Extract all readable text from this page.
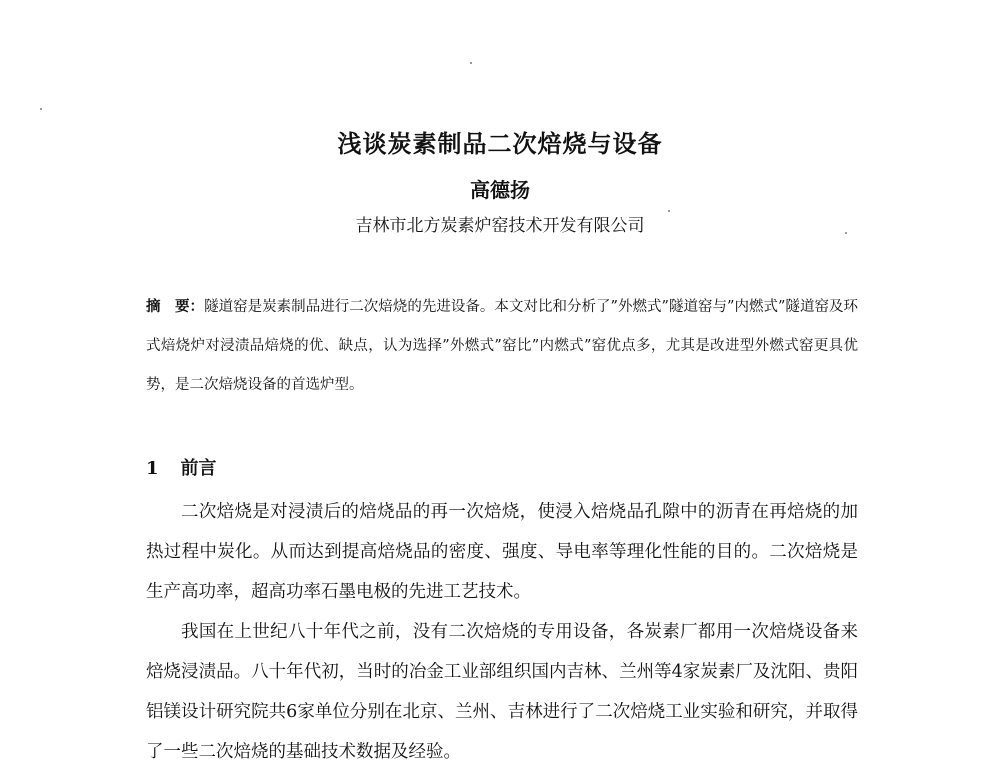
浅谈炭素制品二次焙烧与设备
高德扬
吉林市北方炭素炉窑技术开发有限公司
摘　要：隧道窑是炭素制品进行二次焙烧的先进设备。本文对比和分析了”外燃式”隧道窑与”内燃式”隧道窑及环式焙烧炉对浸渍品焙烧的优、缺点，认为选择”外燃式”窑比”内燃式”窑优点多，尤其是改进型外燃式窑更具优势，是二次焙烧设备的首选炉型。
1 前言

二次焙烧是对浸渍后的焙烧品的再一次焙烧，使浸入焙烧品孔隙中的沥青在再焙烧的加热过程中炭化。从而达到提高焙烧品的密度、强度、导电率等理化性能的目的。二次焙烧是生产高功率，超高功率石墨电极的先进工艺技术。

我国在上世纪八十年代之前，没有二次焙烧的专用设备，各炭素厂都用一次焙烧设备来焙烧浸渍品。八十年代初，当时的冶金工业部组织国内吉林、兰州等4家炭素厂及沈阳、贵阳铝镁设计研究院共6家单位分别在北京、兰州、吉林进行了二次焙烧工业实验和研究，并取得了一些二次焙烧的基础技术数据及经验。
